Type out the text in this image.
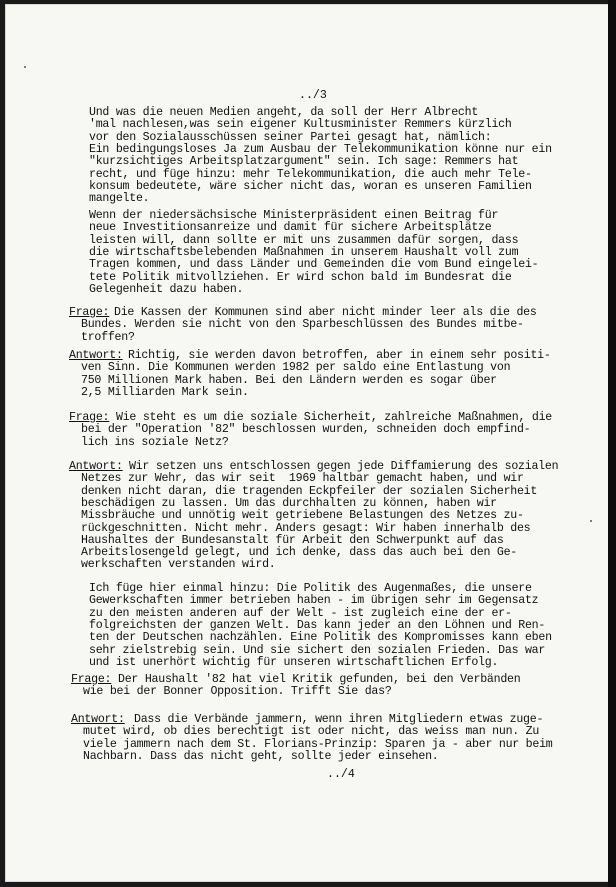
../3
../4
Und was die neuen Medien angeht, da soll der Herr Albrecht
'mal nachlesen,was sein eigener Kultusminister Remmers kürzlich
vor den Sozialausschüssen seiner Partei gesagt hat, nämlich:
Ein bedingungsloses Ja zum Ausbau der Telekommunikation könne nur ein
"kurzsichtiges Arbeitsplatzargument" sein. Ich sage: Remmers hat
recht, und füge hinzu: mehr Telekommunikation, die auch mehr Tele-
konsum bedeutete, wäre sicher nicht das, woran es unseren Familien
mangelte.
Wenn der niedersächsische Ministerpräsident einen Beitrag für
neue Investitionsanreize und damit für sichere Arbeitsplätze
leisten will, dann sollte er mit uns zusammen dafür sorgen, dass
die wirtschaftsbelebenden Maßnahmen in unserem Haushalt voll zum
Tragen kommen, und dass Länder und Gemeinden die vom Bund eingelei-
tete Politik mitvollziehen. Er wird schon bald im Bundesrat die
Gelegenheit dazu haben.
Frage: Die Kassen der Kommunen sind aber nicht minder leer als die des
Bundes. Werden sie nicht von den Sparbeschlüssen des Bundes mitbe-
troffen?
Antwort: Richtig, sie werden davon betroffen, aber in einem sehr positi-
ven Sinn. Die Kommunen werden 1982 per saldo eine Entlastung von
750 Millionen Mark haben. Bei den Ländern werden es sogar über
2,5 Milliarden Mark sein.
Frage: Wie steht es um die soziale Sicherheit, zahlreiche Maßnahmen, die
bei der "Operation '82" beschlossen wurden, schneiden doch empfind-
lich ins soziale Netz?
Antwort: Wir setzen uns entschlossen gegen jede Diffamierung des sozialen
Netzes zur Wehr, das wir seit  1969 haltbar gemacht haben, und wir
denken nicht daran, die tragenden Eckpfeiler der sozialen Sicherheit
beschädigen zu lassen. Um das durchhalten zu können, haben wir
Missbräuche und unnötig weit getriebene Belastungen des Netzes zu-
rückgeschnitten. Nicht mehr. Anders gesagt: Wir haben innerhalb des
Haushaltes der Bundesanstalt für Arbeit den Schwerpunkt auf das
Arbeitslosengeld gelegt, und ich denke, dass das auch bei den Ge-
werkschaften verstanden wird.
Ich füge hier einmal hinzu: Die Politik des Augenmaßes, die unsere
Gewerkschaften immer betrieben haben - im übrigen sehr im Gegensatz
zu den meisten anderen auf der Welt - ist zugleich eine der er-
folgreichsten der ganzen Welt. Das kann jeder an den Löhnen und Ren-
ten der Deutschen nachzählen. Eine Politik des Kompromisses kann eben
sehr zielstrebig sein. Und sie sichert den sozialen Frieden. Das war
und ist unerhört wichtig für unseren wirtschaftlichen Erfolg.
Frage: Der Haushalt '82 hat viel Kritik gefunden, bei den Verbänden
wie bei der Bonner Opposition. Trifft Sie das?
Antwort: Dass die Verbände jammern, wenn ihren Mitgliedern etwas zuge-
mutet wird, ob dies berechtigt ist oder nicht, das weiss man nun. Zu
viele jammern nach dem St. Florians-Prinzip: Sparen ja - aber nur beim
Nachbarn. Dass das nicht geht, sollte jeder einsehen.
